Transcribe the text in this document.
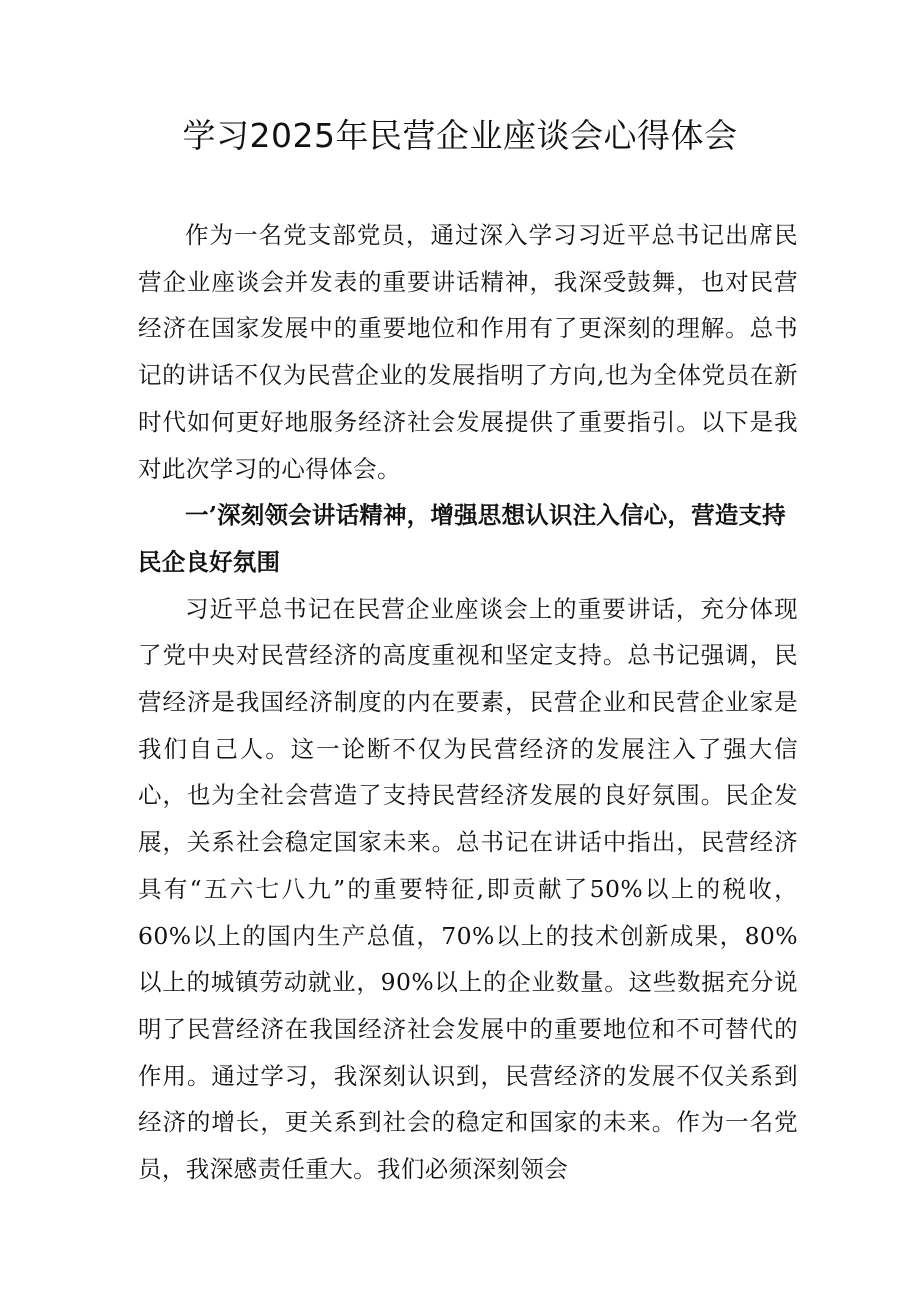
学习2025年民营企业座谈会心得体会

作为一名党支部党员，通过深入学习习近平总书记出席民营企业座谈会并发表的重要讲话精神，我深受鼓舞，也对民营经济在国家发展中的重要地位和作用有了更深刻的理解。总书记的讲话不仅为民营企业的发展指明了方向,也为全体党员在新时代如何更好地服务经济社会发展提供了重要指引。以下是我对此次学习的心得体会。

一’深刻领会讲话精神，增强思想认识注入信心，营造支持民企良好氛围

习近平总书记在民营企业座谈会上的重要讲话，充分体现了党中央对民营经济的高度重视和坚定支持。总书记强调，民营经济是我国经济制度的内在要素，民营企业和民营企业家是我们自己人。这一论断不仅为民营经济的发展注入了强大信心，也为全社会营造了支持民营经济发展的良好氛围。民企发展，关系社会稳定国家未来。总书记在讲话中指出，民营经济具有“五六七八九”的重要特征,即贡献了50%以上的税收，60%以上的国内生产总值，70%以上的技术创新成果，80%以上的城镇劳动就业，90%以上的企业数量。这些数据充分说明了民营经济在我国经济社会发展中的重要地位和不可替代的作用。通过学习，我深刻认识到，民营经济的发展不仅关系到经济的增长，更关系到社会的稳定和国家的未来。作为一名党员，我深感责任重大。我们必须深刻领会
